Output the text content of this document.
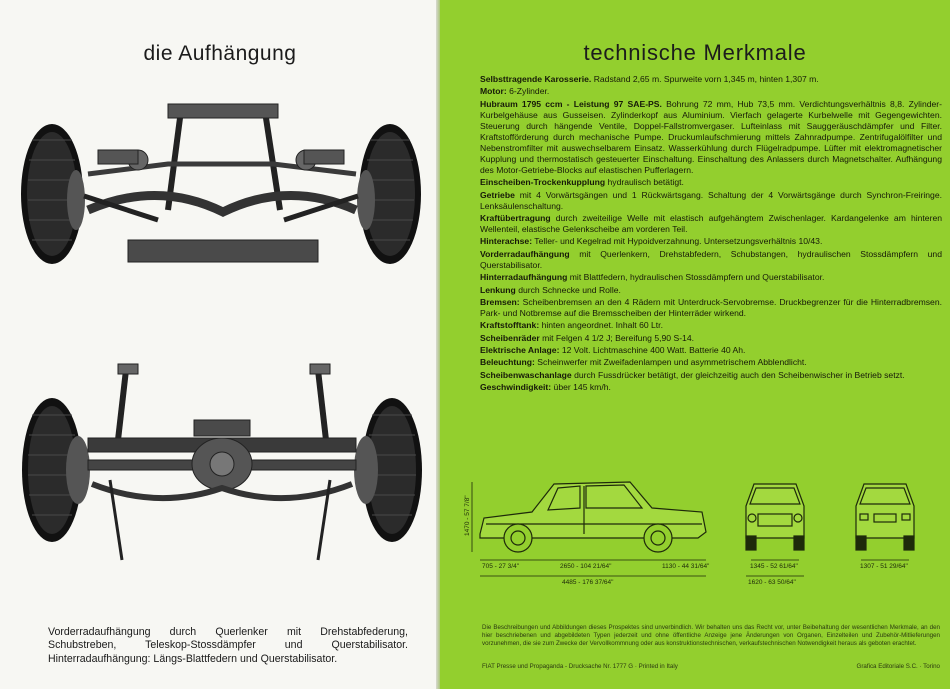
die Aufhängung
Vorderradaufhängung durch Querlenker mit Drehstabfederung, Schubstreben, Teleskop-Stossdämpfer und Querstabilisator. Hinterradaufhängung: Längs-Blattfedern und Querstabilisator.
technische Merkmale

Selbsttragende Karosserie. Radstand 2,65 m. Spurweite vorn 1,345 m, hinten 1,307 m.

Motor: 6-Zylinder.

Hubraum 1795 ccm - Leistung 97 SAE-PS. Bohrung 72 mm, Hub 73,5 mm. Verdichtungsverhältnis 8,8. Zylinder-Kurbelgehäuse aus Gusseisen. Zylinderkopf aus Aluminium. Vierfach gelagerte Kurbelwelle mit Gegengewichten. Steuerung durch hängende Ventile, Doppel-Fallstromvergaser. Lufteinlass mit Sauggeräuschdämpfer und Filter. Kraftstofförderung durch mechanische Pumpe. Druckumlaufschmierung mittels Zahnradpumpe. Zentrifugalölfilter und Nebenstromfilter mit auswechselbarem Einsatz. Wasserkühlung durch Flügelradpumpe. Lüfter mit elektromagnetischer Kupplung und thermostatisch gesteuerter Einschaltung. Einschaltung des Anlassers durch Magnetschalter. Aufhängung des Motor-Getriebe-Blocks auf elastischen Pufferlagern.

Einscheiben-Trockenkupplung hydraulisch betätigt.

Getriebe mit 4 Vorwärtsgängen und 1 Rückwärtsgang. Schaltung der 4 Vorwärtsgänge durch Synchron-Freiringe. Lenksäulenschaltung.

Kraftübertragung durch zweiteilige Welle mit elastisch aufgehängtem Zwischenlager. Kardangelenke am hinteren Wellenteil, elastische Gelenkscheibe am vorderen Teil.

Hinterachse: Teller- und Kegelrad mit Hypoidverzahnung. Untersetzungsverhältnis 10/43.

Vorderradaufhängung mit Querlenkern, Drehstabfedern, Schubstangen, hydraulischen Stossdämpfern und Querstabilisator.

Hinterradaufhängung mit Blattfedern, hydraulischen Stossdämpfern und Querstabilisator.

Lenkung durch Schnecke und Rolle.

Bremsen: Scheibenbremsen an den 4 Rädern mit Unterdruck-Servobremse. Druckbegrenzer für die Hinterradbremsen. Park- und Notbremse auf die Bremsscheiben der Hinterräder wirkend.

Kraftstofftank: hinten angeordnet. Inhalt 60 Ltr.

Scheibenräder mit Felgen 4 1/2 J; Bereifung 5,90 S-14.

Elektrische Anlage: 12 Volt. Lichtmaschine 400 Watt. Batterie 40 Ah.

Beleuchtung: Scheinwerfer mit Zweifadenlampen und asymmetrischem Abblendlicht.

Scheibenwaschanlage durch Fussdrücker betätigt, der gleichzeitig auch den Scheibenwischer in Betrieb setzt.

Geschwindigkeit: über 145 km/h.

1470 - 57 7/8"
705 - 27 3/4"	2650 - 104 21/64"	1130 - 44 31/64"
4485 - 176 37/64"
1345 - 52 61/64"
1620 - 63 50/64"
1307 - 51 29/64"
Die Beschreibungen und Abbildungen dieses Prospektes sind unverbindlich. Wir behalten uns das Recht vor, unter Beibehaltung der wesentlichen Merkmale, an den hier beschriebenen und abgebildeten Typen jederzeit und ohne öffentliche Anzeige jene Änderungen von Organen, Einzelteilen und Zubehör-Mitlieferungen vorzunehmen, die sie zum Zwecke der Vervollkommnung oder aus konstruktionstechnischen, verkaufstechnischen Notwendigkeit heraus als geboten erachtet.
FIAT Presse und Propaganda - Drucksache Nr. 1777 G · Printed in Italy	Grafica Editoriale S.C. · Torino
